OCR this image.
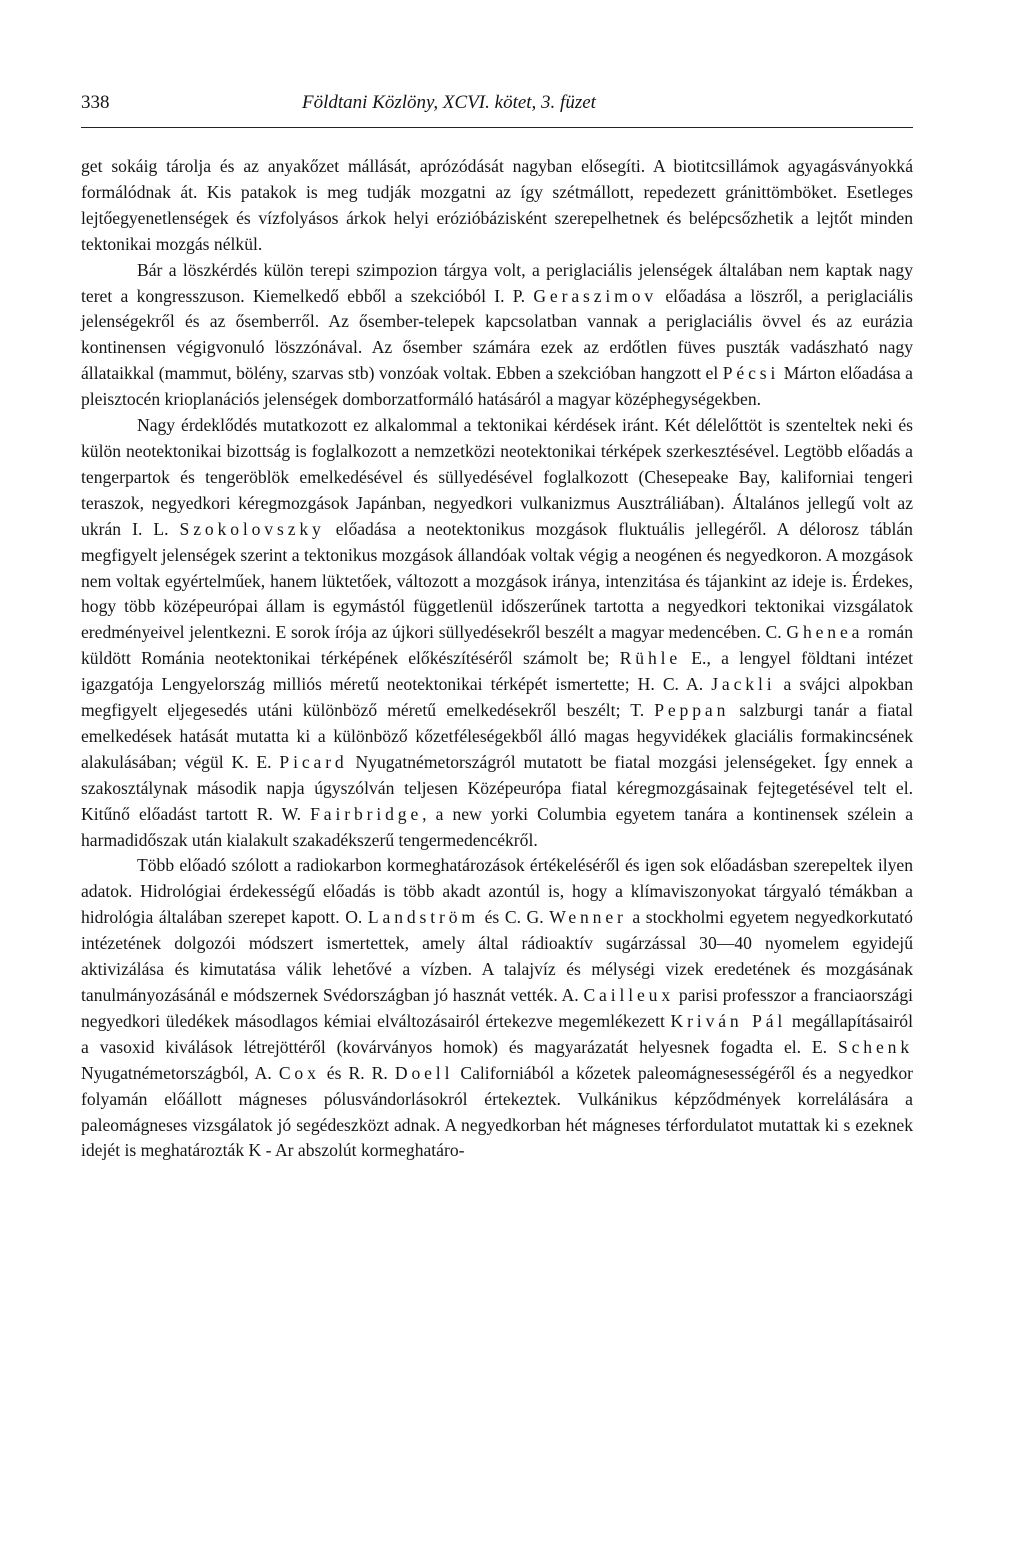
338	Földtani Közlöny, XCVI. kötet, 3. füzet

get sokáig tárolja és az anyakőzet mállását, aprózódását nagyban elősegíti. A biotitcsillámok agyagásványokká formálódnak át. Kis patakok is meg tudják mozgatni az így szétmállott, repedezett gránittömböket. Esetleges lejtőegyenetlenségek és vízfolyásos árkok helyi erózióbázisként szerepelhetnek és belépcsőzhetik a lejtőt minden tektonikai mozgás nélkül.

Bár a löszkérdés külön terepi szimpozion tárgya volt, a periglaciális jelenségek általában nem kaptak nagy teret a kongresszuson. Kiemelkedő ebből a szekcióból I. P. Geraszimov előadása a löszről, a periglaciális jelenségekről és az ősemberről. Az ősember-telepek kapcsolatban vannak a periglaciális övvel és az eurázia kontinensen végigvonuló löszzónával. Az ősember számára ezek az erdőtlen füves puszták vadászható nagy állataikkal (mammut, bölény, szarvas stb) vonzóak voltak. Ebben a szekcióban hangzott el Pécsi Márton előadása a pleisztocén krioplanációs jelenségek domborzatformáló hatásáról a magyar középhegységekben.

Nagy érdeklődés mutatkozott ez alkalommal a tektonikai kérdések iránt. Két délelőttöt is szenteltek neki és külön neotektonikai bizottság is foglalkozott a nemzetközi neotektonikai térképek szerkesztésével. Legtöbb előadás a tengerpartok és tengeröblök emelkedésével és süllyedésével foglalkozott (Chesepeake Bay, kaliforniai tengeri teraszok, negyedkori kéregmozgások Japánban, negyedkori vulkanizmus Ausztráliában). Általános jellegű volt az ukrán I. L. Szokolovszky előadása a neotektonikus mozgások fluktuális jellegéről. A délorosz táblán megfigyelt jelenségek szerint a tektonikus mozgások állandóak voltak végig a neogénen és negyedkoron. A mozgások nem voltak egyértelműek, hanem lüktetőek, változott a mozgások iránya, intenzitása és tájankint az ideje is. Érdekes, hogy több középeurópai állam is egymástól függetlenül időszerűnek tartotta a negyedkori tektonikai vizsgálatok eredményeivel jelentkezni. E sorok írója az újkori süllyedésekről beszélt a magyar medencében. C. Ghenea román küldött Románia neotektonikai térképének előkészítéséről számolt be; Rühle E., a lengyel földtani intézet igazgatója Lengyelország milliós méretű neotektonikai térképét ismertette; H. C. A. Jackli a svájci alpokban megfigyelt eljegesedés utáni különböző méretű emelkedésekről beszélt; T. Peppan salzburgi tanár a fiatal emelkedések hatását mutatta ki a különböző kőzetféleségekből álló magas hegyvidékek glaciális formakincsének alakulásában; végül K. E. Picard Nyugatnémetországról mutatott be fiatal mozgási jelenségeket. Így ennek a szakosztálynak második napja úgyszólván teljesen Középeurópa fiatal kéregmozgásainak fejtegetésével telt el. Kitűnő előadást tartott R. W. Fairbridge, a new yorki Columbia egyetem tanára a kontinensek szélein a harmadidőszak után kialakult szakadékszerű tengermedencékről.

Több előadó szólott a radiokarbon kormeghatározások értékeléséről és igen sok előadásban szerepeltek ilyen adatok. Hidrológiai érdekességű előadás is több akadt azontúl is, hogy a klímaviszonyokat tárgyaló témákban a hidrológia általában szerepet kapott. O. Landström és C. G. Wenner a stockholmi egyetem negyedkorkutató intézetének dolgozói módszert ismertettek, amely által rádioaktív sugárzással 30—40 nyomelem egyidejű aktivizálása és kimutatása válik lehetővé a vízben. A talajvíz és mélységi vizek eredetének és mozgásának tanulmányozásánál e módszernek Svédországban jó hasznát vették. A. Cailleux parisi professzor a franciaországi negyedkori üledékek másodlagos kémiai elváltozásairól értekezve megemlékezett Kriván Pál megállapításairól a vasoxid kiválások létrejöttéről (kovárványos homok) és magyarázatát helyesnek fogadta el. E. Schenk Nyugatnémetországból, A. Cox és R. R. Doell Californiából a kőzetek paleomágnesességéről és a negyedkor folyamán előállott mágneses pólusvándorlásokról értekeztek. Vulkánikus képződmények korrelálására a paleomágneses vizsgálatok jó segédeszközt adnak. A negyedkorban hét mágneses térfordulatot mutattak ki s ezeknek idejét is meghatározták K - Ar abszolút kormeghatáro-
